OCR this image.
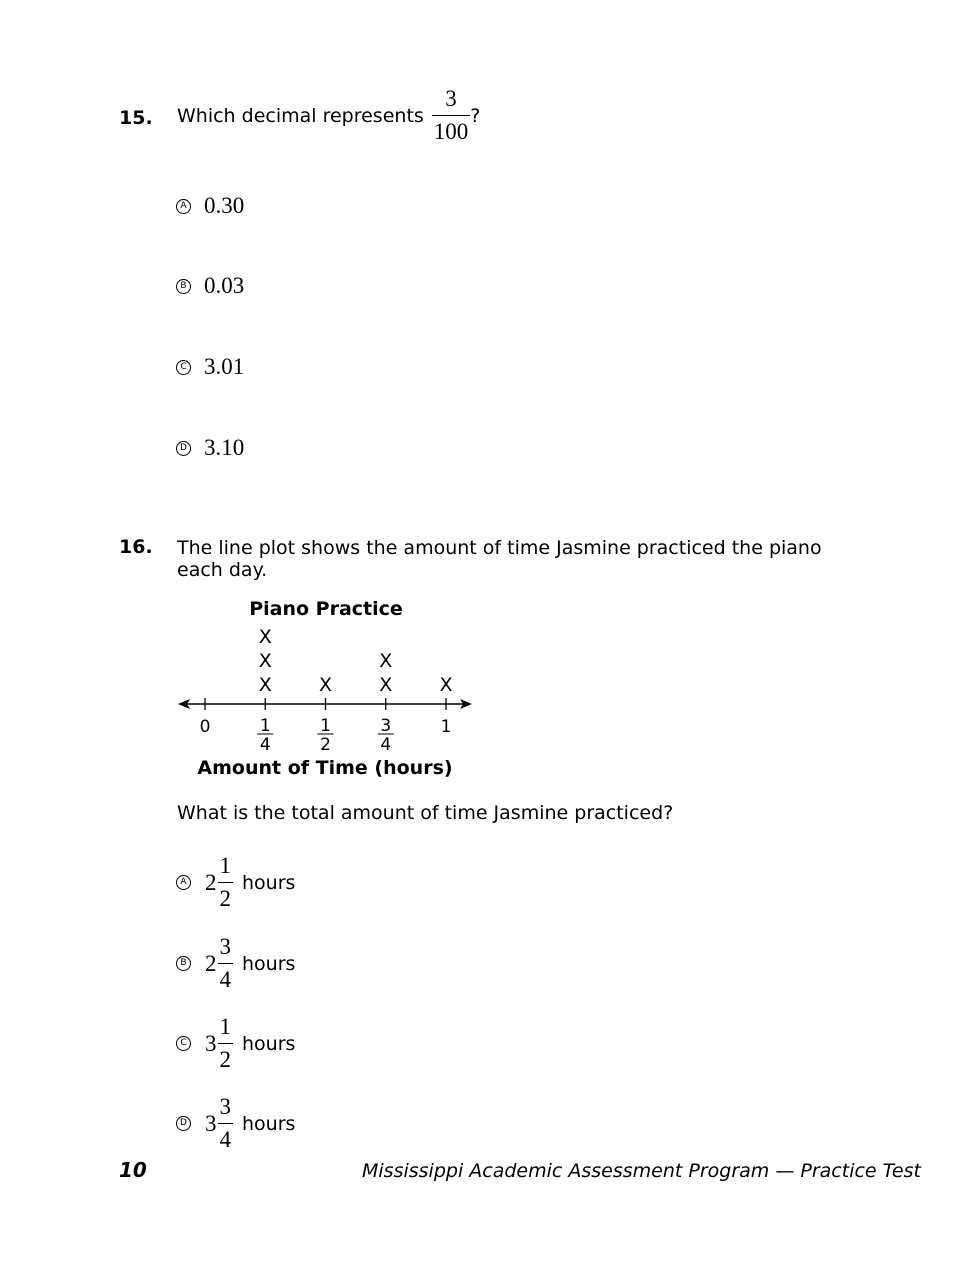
15. Which decimal represents $\frac{3}{100}$ ?
A 0.30
B 0.03
C 3.01
D 3.10
16. The line plot shows the amount of time Jasmine practiced the piano each day.
Piano Practice
X
X
X
X X
X
X
0	1
4
1
2
3
4
1
Amount of Time (hours)
What is the total amount of time Jasmine practiced?
A $2 \frac{1}{2}$ hours
B $2 \frac{3}{4}$ hours
C $3 \frac{1}{2}$ hours
D $3 \frac{3}{4}$ hours
10	Mississippi Academic Assessment Program — Practice Test
